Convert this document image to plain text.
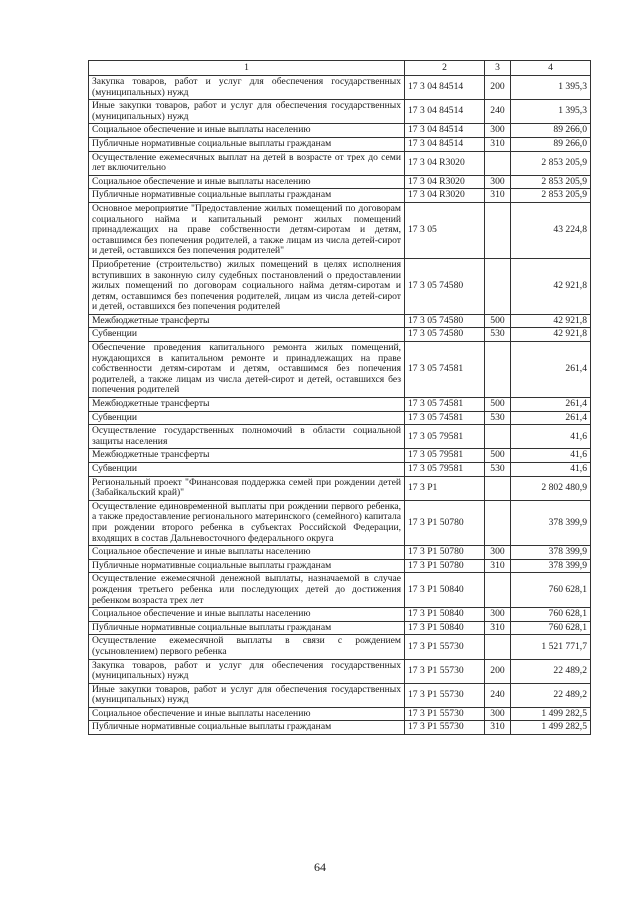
1	2	3	4
Закупка товаров, работ и услуг для обеспечения государственных (муниципальных) нужд	17 3 04 84514	200	1 395,3
Иные закупки товаров, работ и услуг для обеспечения государственных (муниципальных) нужд	17 3 04 84514	240	1 395,3
Социальное обеспечение и иные выплаты населению	17 3 04 84514	300	89 266,0
Публичные нормативные социальные выплаты гражданам	17 3 04 84514	310	89 266,0
Осуществление ежемесячных выплат на детей в возрасте от трех до семи лет включительно	17 3 04 R3020		2 853 205,9
Социальное обеспечение и иные выплаты населению	17 3 04 R3020	300	2 853 205,9
Публичные нормативные социальные выплаты гражданам	17 3 04 R3020	310	2 853 205,9
Основное мероприятие "Предоставление жилых помещений по договорам социального найма и капитальный ремонт жилых помещений принадлежащих на праве собственности детям-сиротам и детям, оставшимся без попечения родителей, а также лицам из числа детей-сирот и детей, оставшихся без попечения родителей"	17 3 05		43 224,8
Приобретение (строительство) жилых помещений в целях исполнения вступивших в законную силу судебных постановлений о предоставлении жилых помещений по договорам социального найма детям-сиротам и детям, оставшимся без попечения родителей, лицам из числа детей-сирот и детей, оставшихся без попечения родителей	17 3 05 74580		42 921,8
Межбюджетные трансферты	17 3 05 74580	500	42 921,8
Субвенции	17 3 05 74580	530	42 921,8
Обеспечение проведения капитального ремонта жилых помещений, нуждающихся в капитальном ремонте и принадлежащих на праве собственности детям-сиротам и детям, оставшимся без попечения родителей, а также лицам из числа детей-сирот и детей, оставшихся без попечения родителей	17 3 05 74581		261,4
Межбюджетные трансферты	17 3 05 74581	500	261,4
Субвенции	17 3 05 74581	530	261,4
Осуществление государственных полномочий в области социальной защиты населения	17 3 05 79581		41,6
Межбюджетные трансферты	17 3 05 79581	500	41,6
Субвенции	17 3 05 79581	530	41,6
Региональный проект "Финансовая поддержка семей при рождении детей (Забайкальский край)"	17 3 P1		2 802 480,9
Осуществление единовременной выплаты при рождении первого ребенка, а также предоставление регионального материнского (семейного) капитала при рождении второго ребенка в субъектах Российской Федерации, входящих в состав Дальневосточного федерального округа	17 3 P1 50780		378 399,9
Социальное обеспечение и иные выплаты населению	17 3 P1 50780	300	378 399,9
Публичные нормативные социальные выплаты гражданам	17 3 P1 50780	310	378 399,9
Осуществление ежемесячной денежной выплаты, назначаемой в случае рождения третьего ребенка или последующих детей до достижения ребенком возраста трех лет	17 3 P1 50840		760 628,1
Социальное обеспечение и иные выплаты населению	17 3 P1 50840	300	760 628,1
Публичные нормативные социальные выплаты гражданам	17 3 P1 50840	310	760 628,1
Осуществление ежемесячной выплаты в связи с рождением (усыновлением) первого ребенка	17 3 P1 55730		1 521 771,7
Закупка товаров, работ и услуг для обеспечения государственных (муниципальных) нужд	17 3 P1 55730	200	22 489,2
Иные закупки товаров, работ и услуг для обеспечения государственных (муниципальных) нужд	17 3 P1 55730	240	22 489,2
Социальное обеспечение и иные выплаты населению	17 3 P1 55730	300	1 499 282,5
Публичные нормативные социальные выплаты гражданам	17 3 P1 55730	310	1 499 282,5
64
